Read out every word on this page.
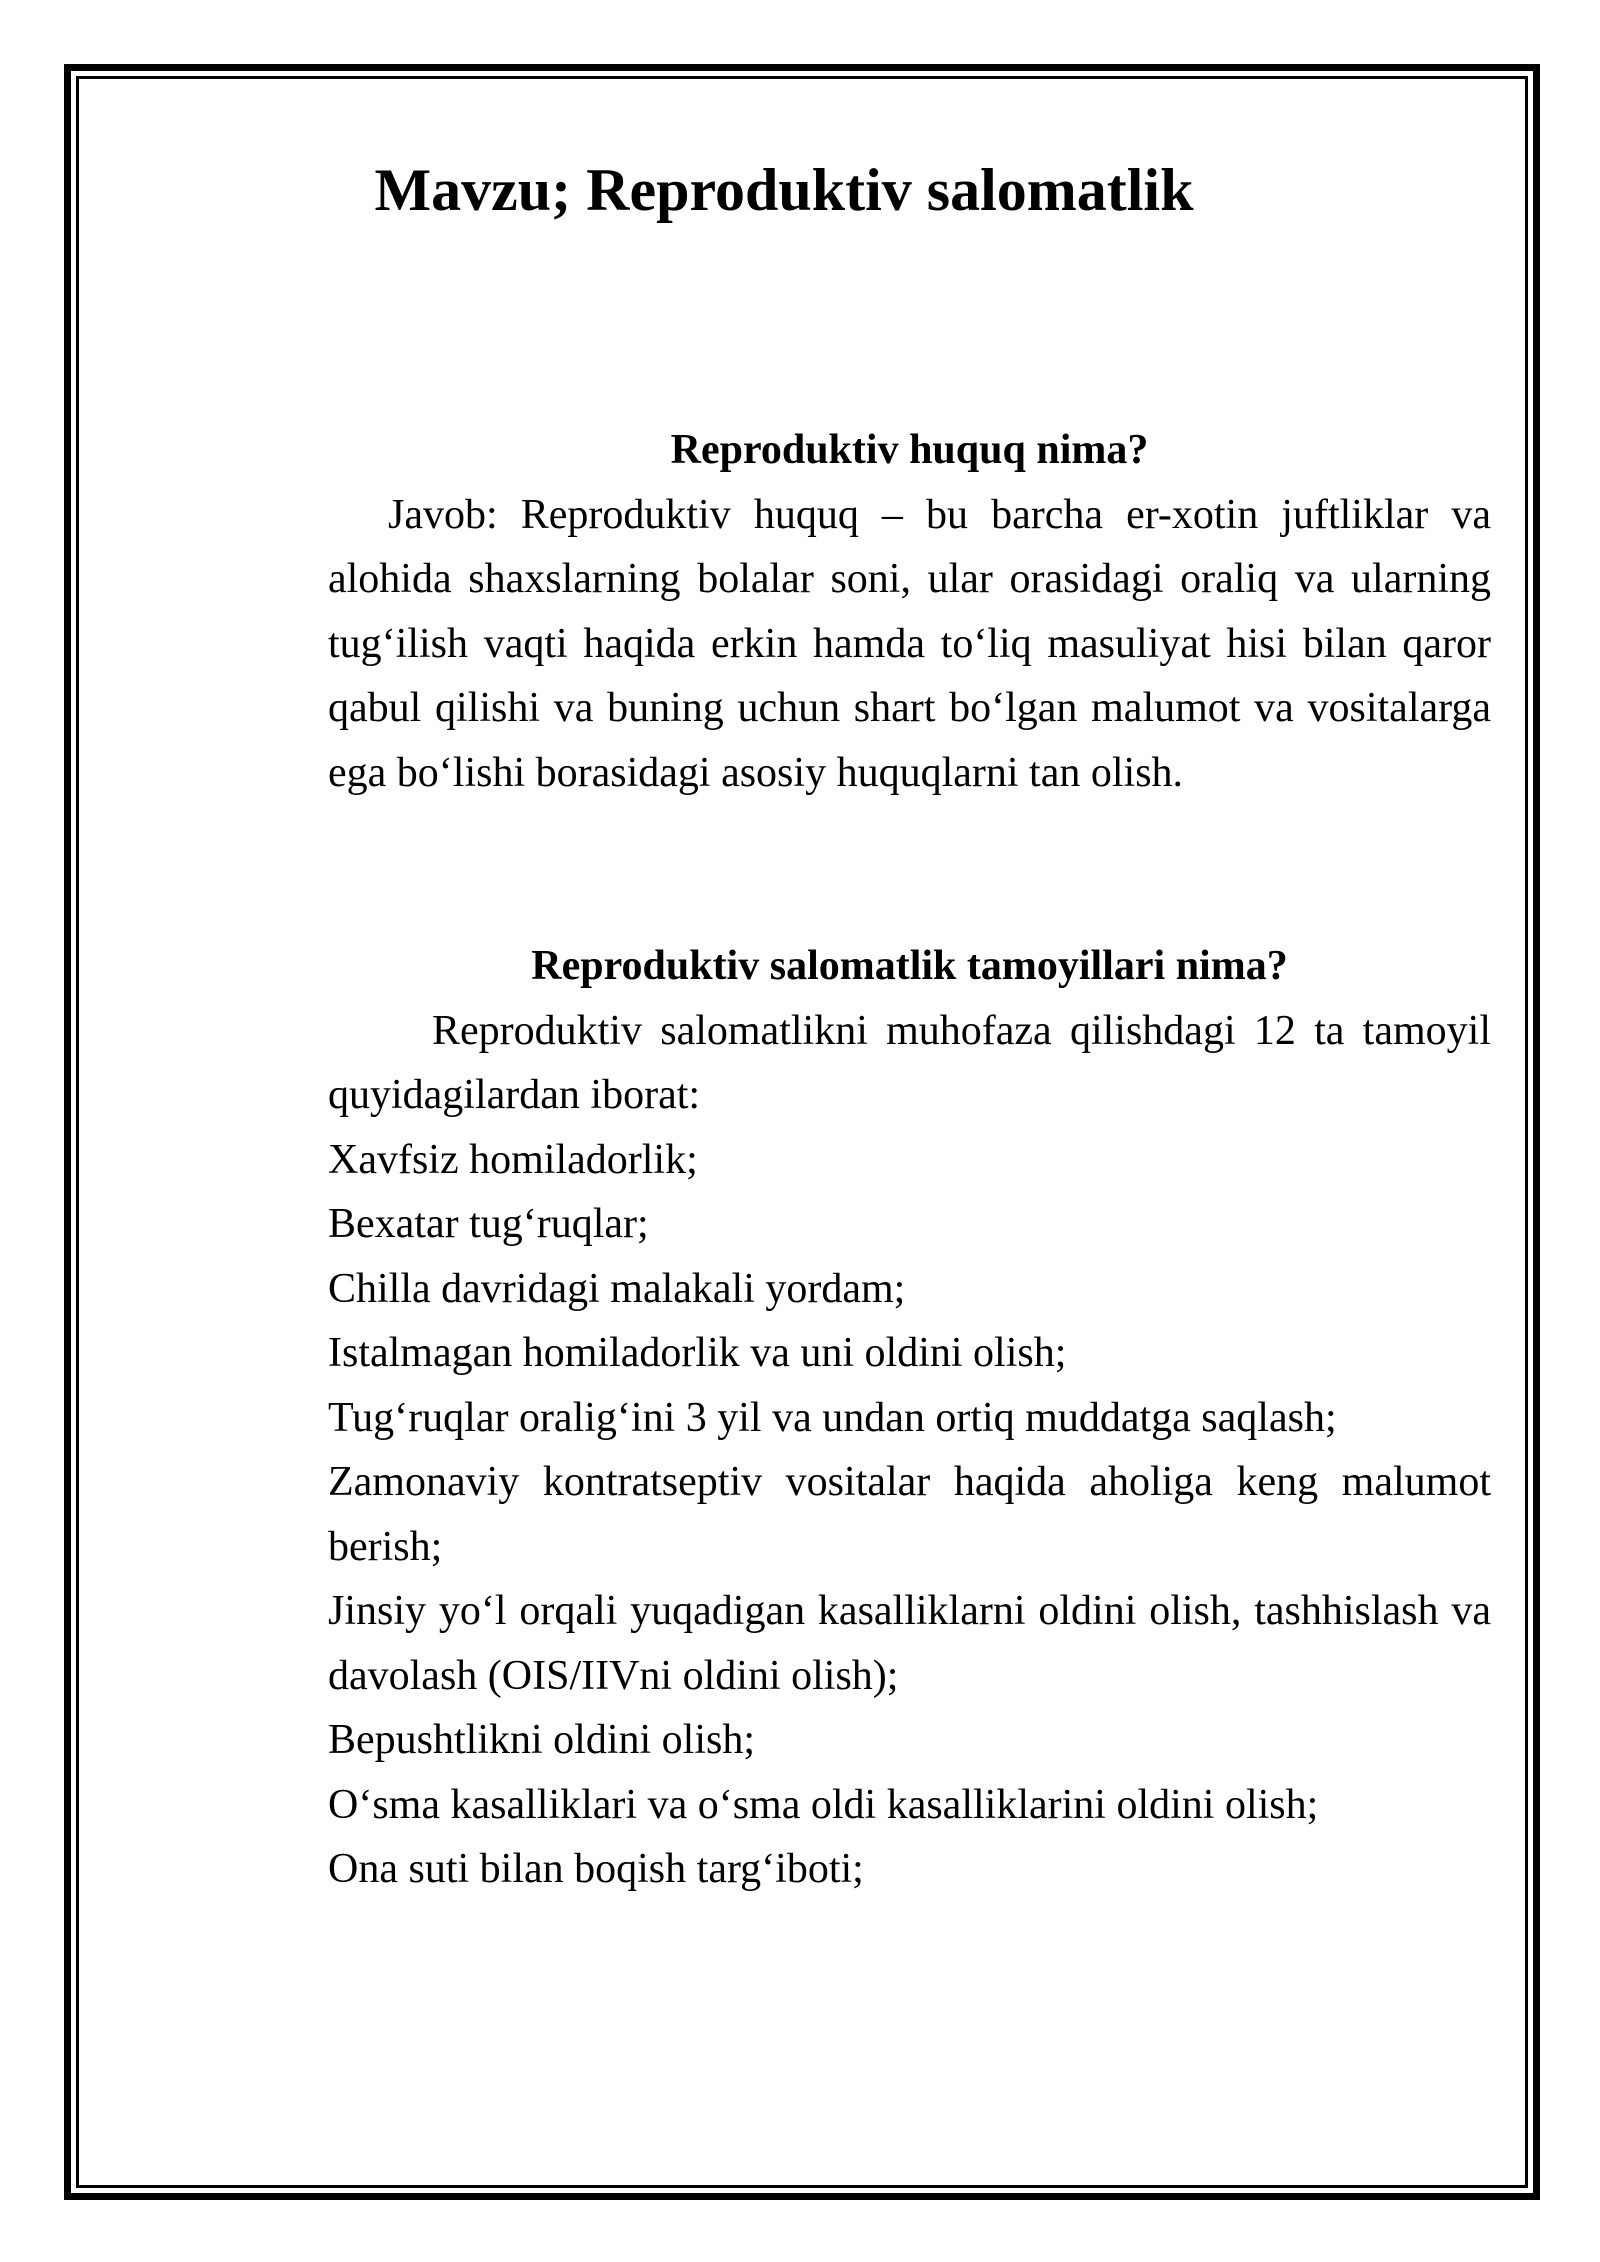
Mavzu; Reproduktiv salomatlik
Reproduktiv huquq nima?

Javob: Reproduktiv huquq – bu barcha er-xotin juftliklar va alohida shaxslarning bolalar soni, ular orasidagi oraliq va ularning tug‘ilish vaqti haqida erkin hamda to‘liq masuliyat hisi bilan qaror qabul qilishi va buning uchun shart bo‘lgan malumot va vositalarga ega bo‘lishi borasidagi asosiy huquqlarni tan olish.

Reproduktiv salomatlik tamoyillari nima?

Reproduktiv salomatlikni muhofaza qilishdagi 12 ta tamoyil quyidagilardan iborat:

Xavfsiz homiladorlik;
Bexatar tug‘ruqlar;
Chilla davridagi malakali yordam;
Istalmagan homiladorlik va uni oldini olish;
Tug‘ruqlar oralig‘ini 3 yil va undan ortiq muddatga saqlash;
Zamonaviy kontratseptiv vositalar haqida aholiga keng malumot berish;
Jinsiy yo‘l orqali yuqadigan kasalliklarni oldini olish, tashhislash va davolash (OIS/IIVni oldini olish);
Bepushtlikni oldini olish;
O‘sma kasalliklari va o‘sma oldi kasalliklarini oldini olish;
Ona suti bilan boqish targ‘iboti;
